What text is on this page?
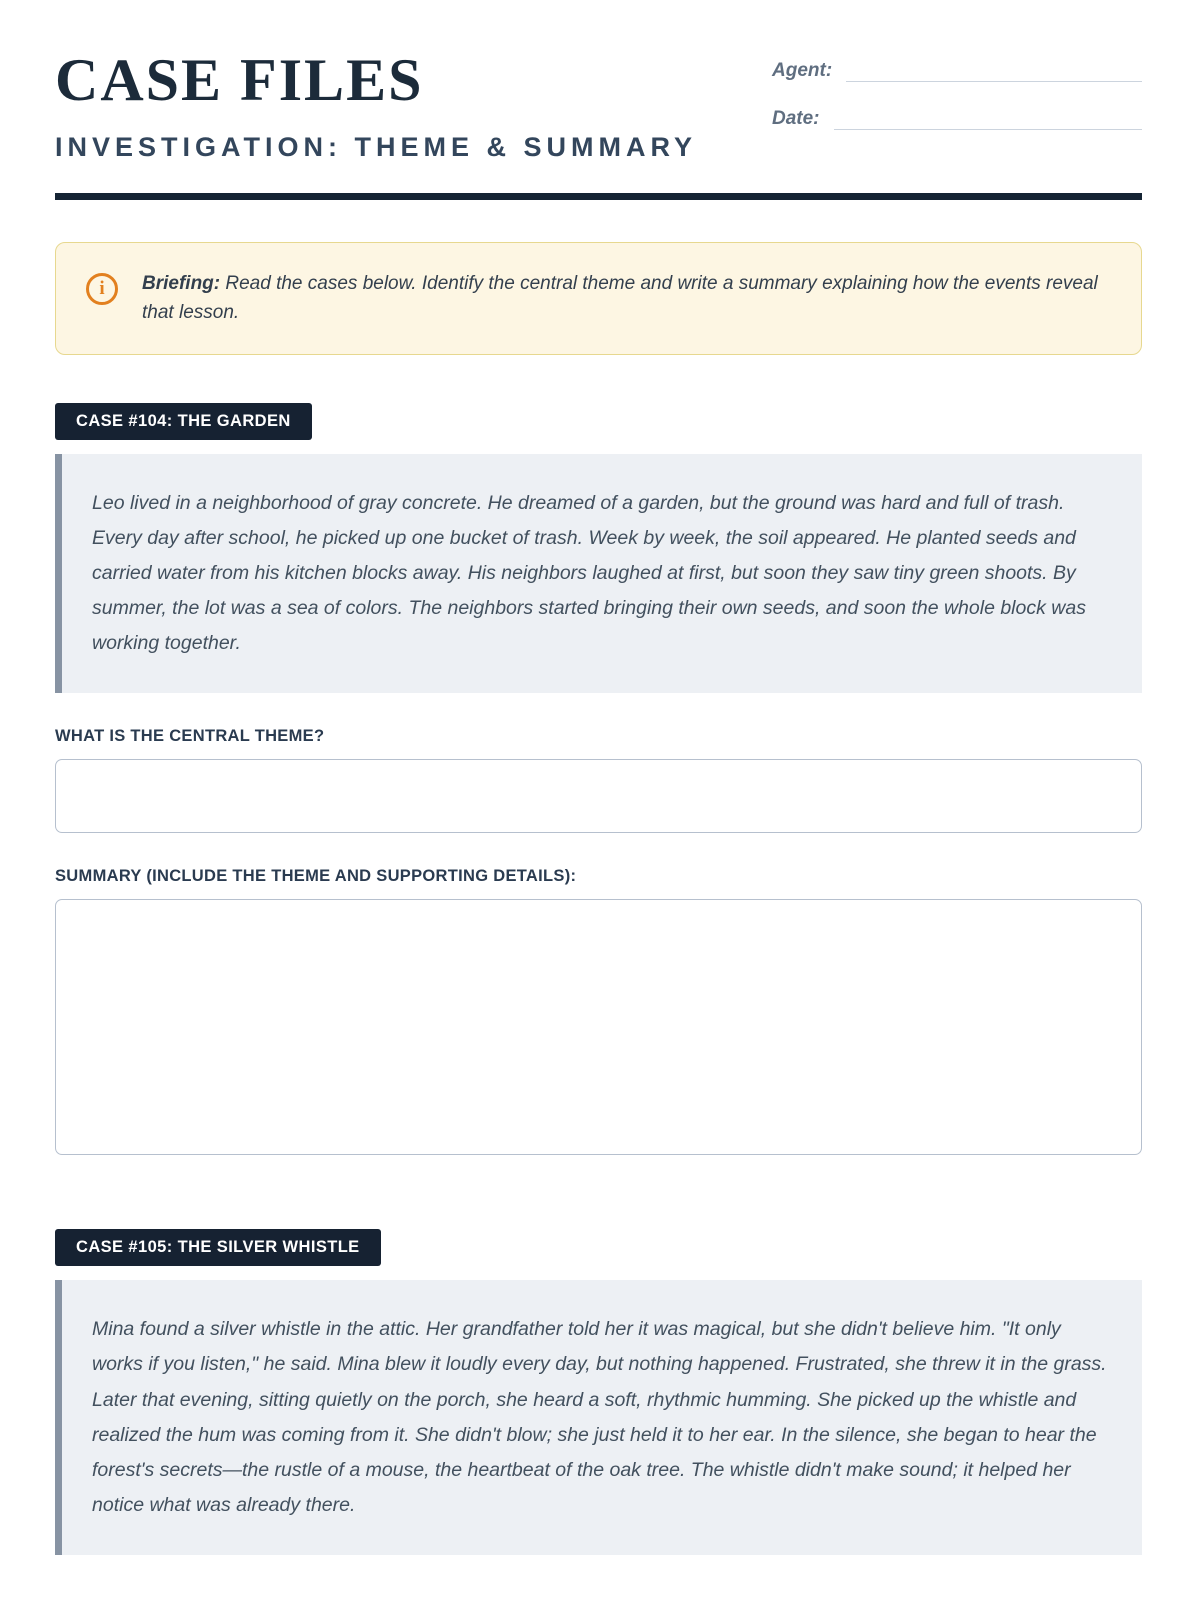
CASE FILES
INVESTIGATION: THEME & SUMMARY
Agent:
Date:
i	Briefing: Read the cases below. Identify the central theme and write a summary explaining how the events reveal that lesson.

CASE #104: THE GARDEN
Leo lived in a neighborhood of gray concrete. He dreamed of a garden, but the ground was hard and full of trash. Every day after school, he picked up one bucket of trash. Week by week, the soil appeared. He planted seeds and carried water from his kitchen blocks away. His neighbors laughed at first, but soon they saw tiny green shoots. By summer, the lot was a sea of colors. The neighbors started bringing their own seeds, and soon the whole block was working together.
WHAT IS THE CENTRAL THEME?
SUMMARY (INCLUDE THE THEME AND SUPPORTING DETAILS):
CASE #105: THE SILVER WHISTLE
Mina found a silver whistle in the attic. Her grandfather told her it was magical, but she didn't believe him. "It only works if you listen," he said. Mina blew it loudly every day, but nothing happened. Frustrated, she threw it in the grass. Later that evening, sitting quietly on the porch, she heard a soft, rhythmic humming. She picked up the whistle and realized the hum was coming from it. She didn't blow; she just held it to her ear. In the silence, she began to hear the forest's secrets—the rustle of a mouse, the heartbeat of the oak tree. The whistle didn't make sound; it helped her notice what was already there.
